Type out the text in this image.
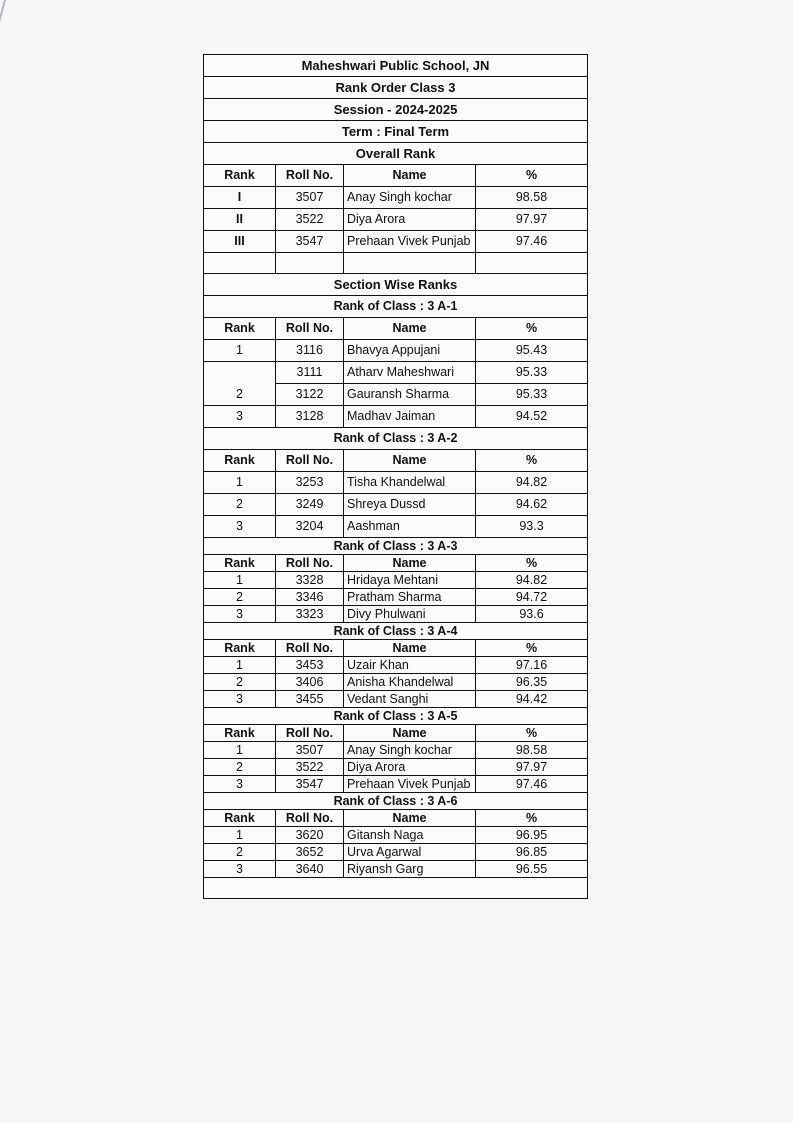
Maheshwari Public School, JN			
Rank Order Class 3			
Session - 2024-2025			
Term : Final Term			
Overall Rank			
Rank	Roll No.	Name	%
I	3507	Anay Singh kochar	98.58
II	3522	Diya Arora	97.97
III	3547	Prehaan Vivek Punjab	97.46

Section Wise Ranks			
Rank of Class : 3 A-1			
Rank	Roll No.	Name	%
1	3116	Bhavya Appujani	95.43
	3111	Atharv Maheshwari	95.33
2	3122	Gauransh Sharma	95.33
3	3128	Madhav Jaiman	94.52
Rank of Class : 3 A-2			
Rank	Roll No.	Name	%
1	3253	Tisha Khandelwal	94.82
2	3249	Shreya Dussd	94.62
3	3204	Aashman	93.3
Rank of Class : 3 A-3			
Rank	Roll No.	Name	%
1	3328	Hridaya Mehtani	94.82
2	3346	Pratham Sharma	94.72
3	3323	Divy Phulwani	93.6
Rank of Class : 3 A-4			
Rank	Roll No.	Name	%
1	3453	Uzair Khan	97.16
2	3406	Anisha Khandelwal	96.35
3	3455	Vedant Sanghi	94.42
Rank of Class : 3 A-5			
Rank	Roll No.	Name	%
1	3507	Anay Singh kochar	98.58
2	3522	Diya Arora	97.97
3	3547	Prehaan Vivek Punjab	97.46
Rank of Class : 3 A-6			
Rank	Roll No.	Name	%
1	3620	Gitansh Naga	96.95
2	3652	Urva Agarwal	96.85
3	3640	Riyansh Garg	96.55
